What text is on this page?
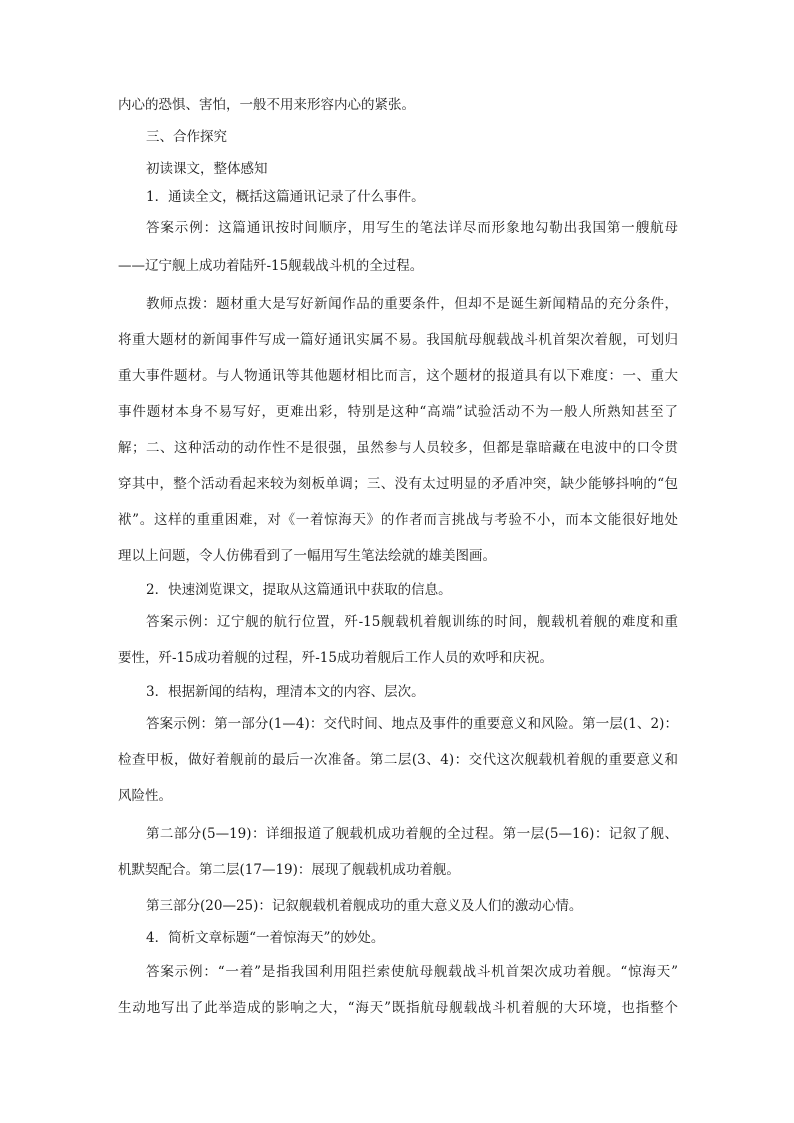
内心的恐惧、害怕，一般不用来形容内心的紧张。

三、合作探究

初读课文，整体感知

1．通读全文，概括这篇通讯记录了什么事件。

答案示例：这篇通讯按时间顺序，用写生的笔法详尽而形象地勾勒出我国第一艘航母

——辽宁舰上成功着陆歼-15舰载战斗机的全过程。

教师点拨：题材重大是写好新闻作品的重要条件，但却不是诞生新闻精品的充分条件，

将重大题材的新闻事件写成一篇好通讯实属不易。我国航母舰载战斗机首架次着舰，可划归

重大事件题材。与人物通讯等其他题材相比而言，这个题材的报道具有以下难度：一、重大

事件题材本身不易写好，更难出彩，特别是这种“高端”试验活动不为一般人所熟知甚至了

解；二、这种活动的动作性不是很强，虽然参与人员较多，但都是靠暗藏在电波中的口令贯

穿其中，整个活动看起来较为刻板单调；三、没有太过明显的矛盾冲突，缺少能够抖响的“包

袱”。这样的重重困难，对《一着惊海天》的作者而言挑战与考验不小，而本文能很好地处

理以上问题，令人仿佛看到了一幅用写生笔法绘就的雄美图画。

2．快速浏览课文，提取从这篇通讯中获取的信息。

答案示例：辽宁舰的航行位置，歼-15舰载机着舰训练的时间，舰载机着舰的难度和重

要性，歼-15成功着舰的过程，歼-15成功着舰后工作人员的欢呼和庆祝。

3．根据新闻的结构，理清本文的内容、层次。

答案示例：第一部分(1—4)：交代时间、地点及事件的重要意义和风险。第一层(1、2)：

检查甲板，做好着舰前的最后一次准备。第二层(3、4)：交代这次舰载机着舰的重要意义和

风险性。

第二部分(5—19)：详细报道了舰载机成功着舰的全过程。第一层(5—16)：记叙了舰、

机默契配合。第二层(17—19)：展现了舰载机成功着舰。

第三部分(20—25)：记叙舰载机着舰成功的重大意义及人们的激动心情。

4．简析文章标题“一着惊海天”的妙处。

答案示例：“一着”是指我国利用阻拦索使航母舰载战斗机首架次成功着舰。“惊海天”

生动地写出了此举造成的影响之大，“海天”既指航母舰载战斗机着舰的大环境，也指整个
